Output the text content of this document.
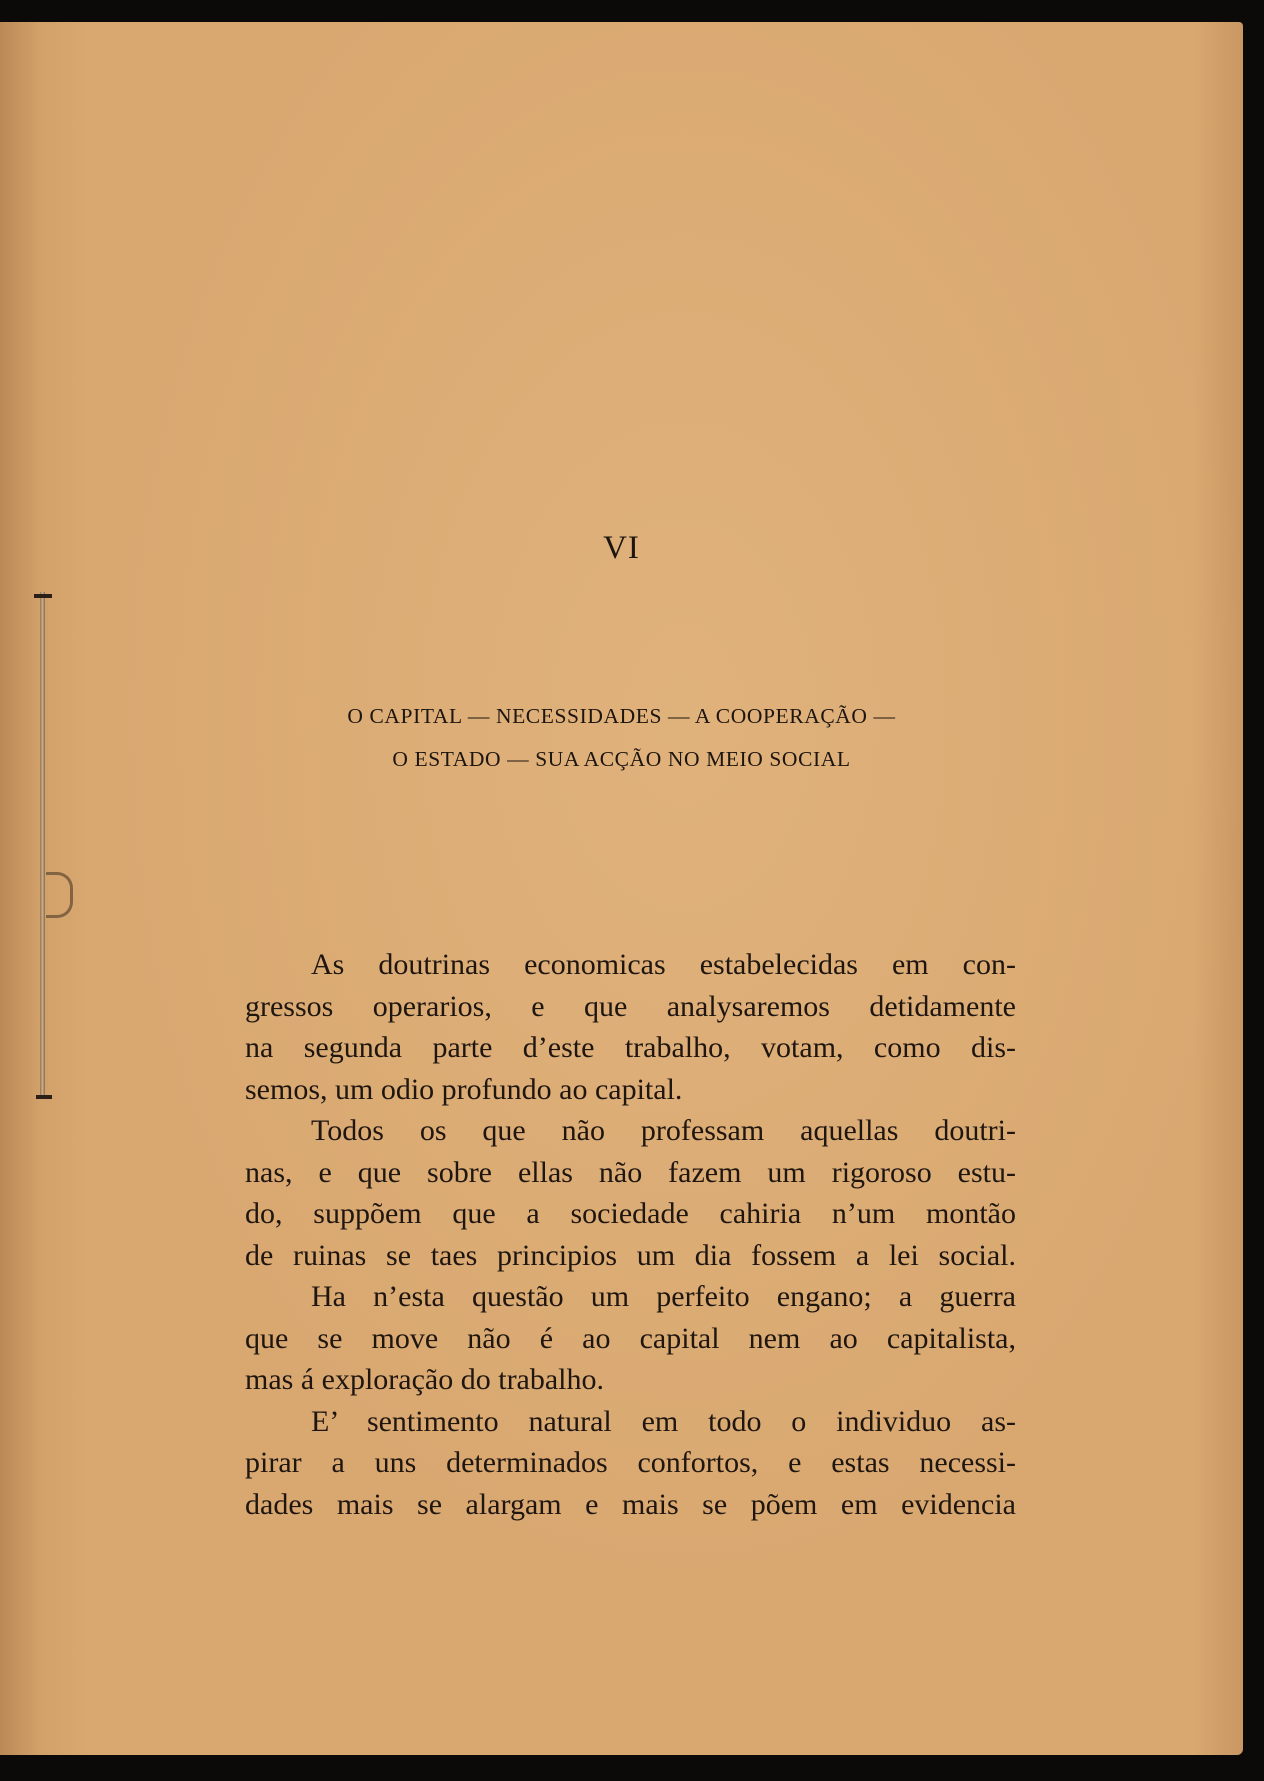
VI
O CAPITAL — NECESSIDADES — A COOPERAÇÃO —
O ESTADO — SUA ACÇÃO NO MEIO SOCIAL
As doutrinas economicas estabelecidas em con-
gressos operarios, e que analysaremos detidamente
na segunda parte d’este trabalho, votam, como dis-
semos, um odio profundo ao capital.
Todos os que não professam aquellas doutri-
nas, e que sobre ellas não fazem um rigoroso estu-
do, suppõem que a sociedade cahiria n’um montão
de ruinas se taes principios um dia fossem a lei social.
Ha n’esta questão um perfeito engano; a guerra
que se move não é ao capital nem ao capitalista,
mas á exploração do trabalho.
E’ sentimento natural em todo o individuo as-
pirar a uns determinados confortos, e estas necessi-
dades mais se alargam e mais se põem em evidencia
